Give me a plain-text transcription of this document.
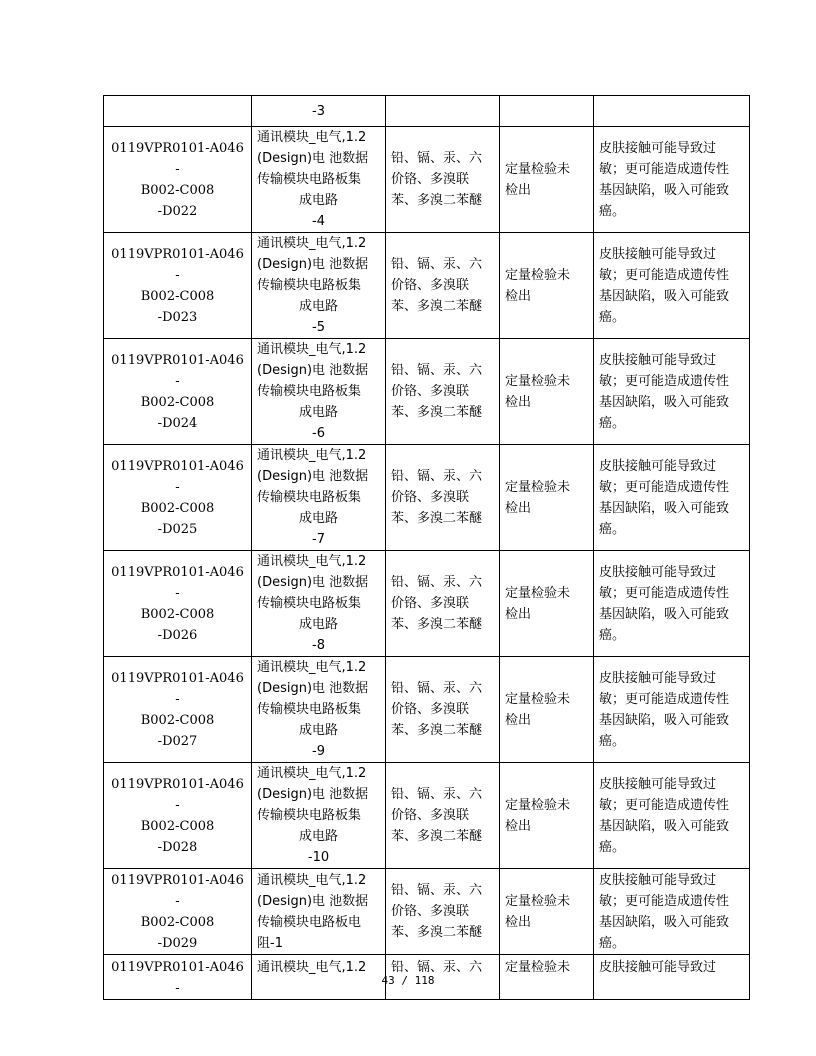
	-3			

0119VPR0101-A046-
B002-C008
-D022	通讯模块_电气,1.2
(Design)电 池数据
传输模块电路板集
成电路
-4	铅、镉、汞、六
价铬、多溴联
苯、多溴二苯醚	定量检验未
检出	皮肤接触可能导致过
敏；更可能造成遗传性
基因缺陷，吸入可能致
癌。

0119VPR0101-A046-
B002-C008
-D023	通讯模块_电气,1.2
(Design)电 池数据
传输模块电路板集
成电路
-5	铅、镉、汞、六
价铬、多溴联
苯、多溴二苯醚	定量检验未
检出	皮肤接触可能导致过
敏；更可能造成遗传性
基因缺陷，吸入可能致
癌。

0119VPR0101-A046-
B002-C008
-D024	通讯模块_电气,1.2
(Design)电 池数据
传输模块电路板集
成电路
-6	铅、镉、汞、六
价铬、多溴联
苯、多溴二苯醚	定量检验未
检出	皮肤接触可能导致过
敏；更可能造成遗传性
基因缺陷，吸入可能致
癌。

0119VPR0101-A046-
B002-C008
-D025	通讯模块_电气,1.2
(Design)电 池数据
传输模块电路板集
成电路
-7	铅、镉、汞、六
价铬、多溴联
苯、多溴二苯醚	定量检验未
检出	皮肤接触可能导致过
敏；更可能造成遗传性
基因缺陷，吸入可能致
癌。

0119VPR0101-A046-
B002-C008
-D026	通讯模块_电气,1.2
(Design)电 池数据
传输模块电路板集
成电路
-8	铅、镉、汞、六
价铬、多溴联
苯、多溴二苯醚	定量检验未
检出	皮肤接触可能导致过
敏；更可能造成遗传性
基因缺陷，吸入可能致
癌。

0119VPR0101-A046-
B002-C008
-D027	通讯模块_电气,1.2
(Design)电 池数据
传输模块电路板集
成电路
-9	铅、镉、汞、六
价铬、多溴联
苯、多溴二苯醚	定量检验未
检出	皮肤接触可能导致过
敏；更可能造成遗传性
基因缺陷，吸入可能致
癌。

0119VPR0101-A046-
B002-C008
-D028	通讯模块_电气,1.2
(Design)电 池数据
传输模块电路板集
成电路
-10	铅、镉、汞、六
价铬、多溴联
苯、多溴二苯醚	定量检验未
检出	皮肤接触可能导致过
敏；更可能造成遗传性
基因缺陷，吸入可能致
癌。

0119VPR0101-A046-
B002-C008
-D029	通讯模块_电气,1.2
(Design)电 池数据
传输模块电路板电
阻-1	铅、镉、汞、六
价铬、多溴联
苯、多溴二苯醚	定量检验未
检出	皮肤接触可能导致过
敏；更可能造成遗传性
基因缺陷，吸入可能致
癌。

0119VPR0101-A046-	通讯模块_电气,1.2	铅、镉、汞、六	定量检验未	皮肤接触可能导致过
43 / 118
